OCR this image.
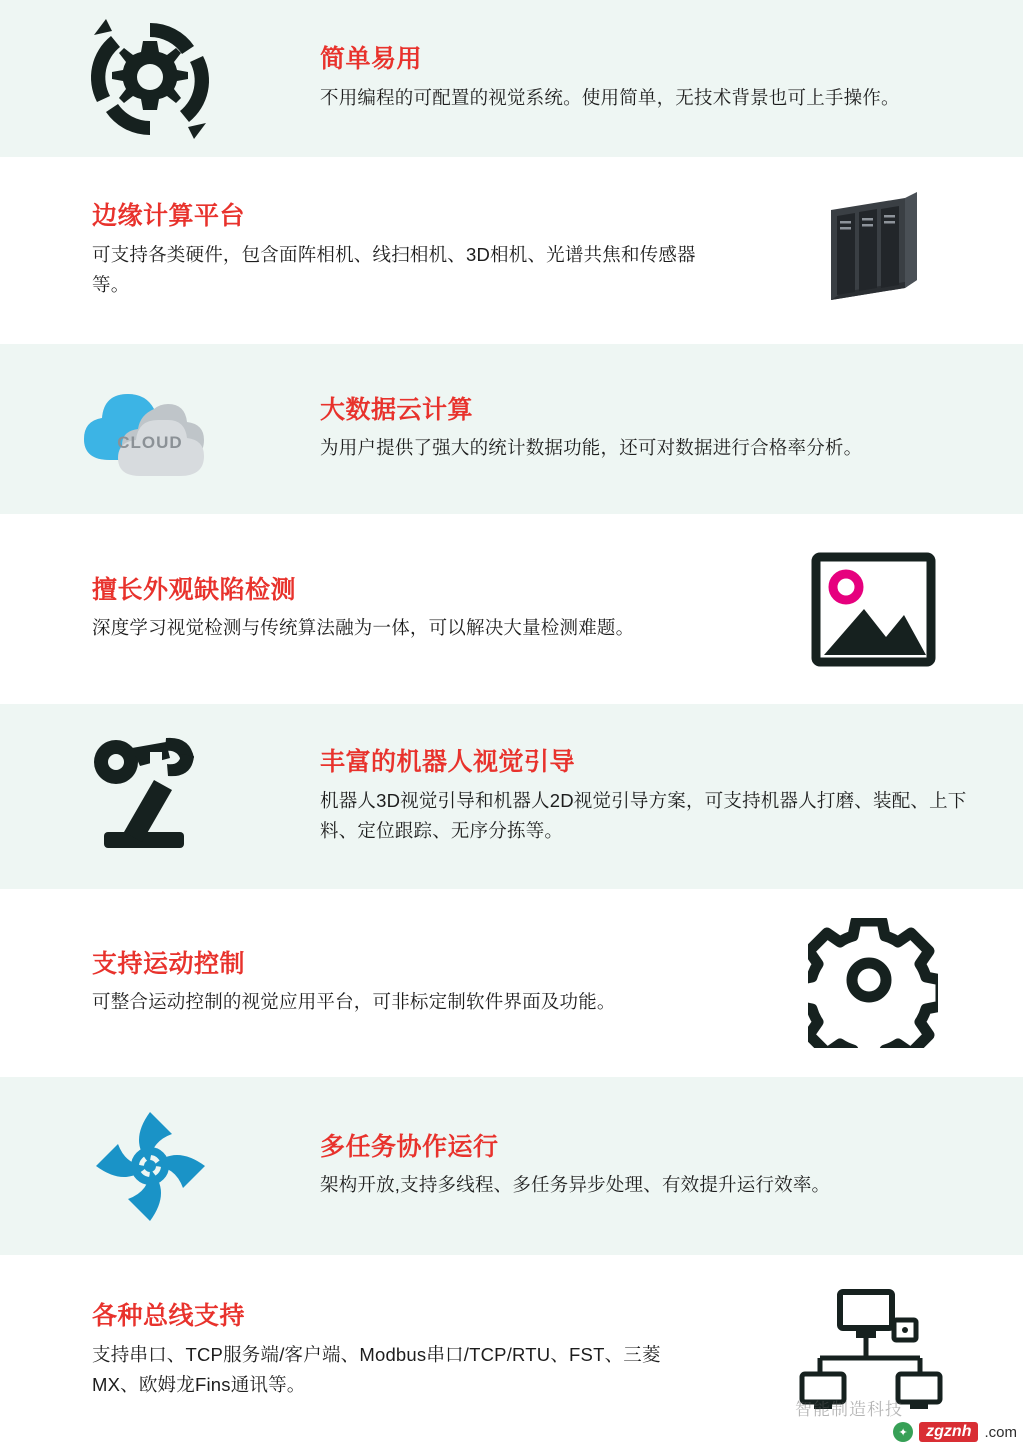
简单易用
不用编程的可配置的视觉系统。使用简单，无技术背景也可上手操作。
边缘计算平台
可支持各类硬件，包含面阵相机、线扫相机、3D相机、光谱共焦和传感器等。
CLOUD
大数据云计算
为用户提供了强大的统计数据功能，还可对数据进行合格率分析。
擅长外观缺陷检测
深度学习视觉检测与传统算法融为一体，可以解决大量检测难题。
丰富的机器人视觉引导
机器人3D视觉引导和机器人2D视觉引导方案，可支持机器人打磨、装配、上下料、定位跟踪、无序分拣等。
支持运动控制
可整合运动控制的视觉应用平台，可非标定制软件界面及功能。
多任务协作运行
架构开放,支持多线程、多任务异步处理、有效提升运行效率。
各种总线支持
支持串口、TCP服务端/客户端、Modbus串口/TCP/RTU、FST、三菱MX、欧姆龙Fins通讯等。
智能制造科技
✦	zgznh .com
